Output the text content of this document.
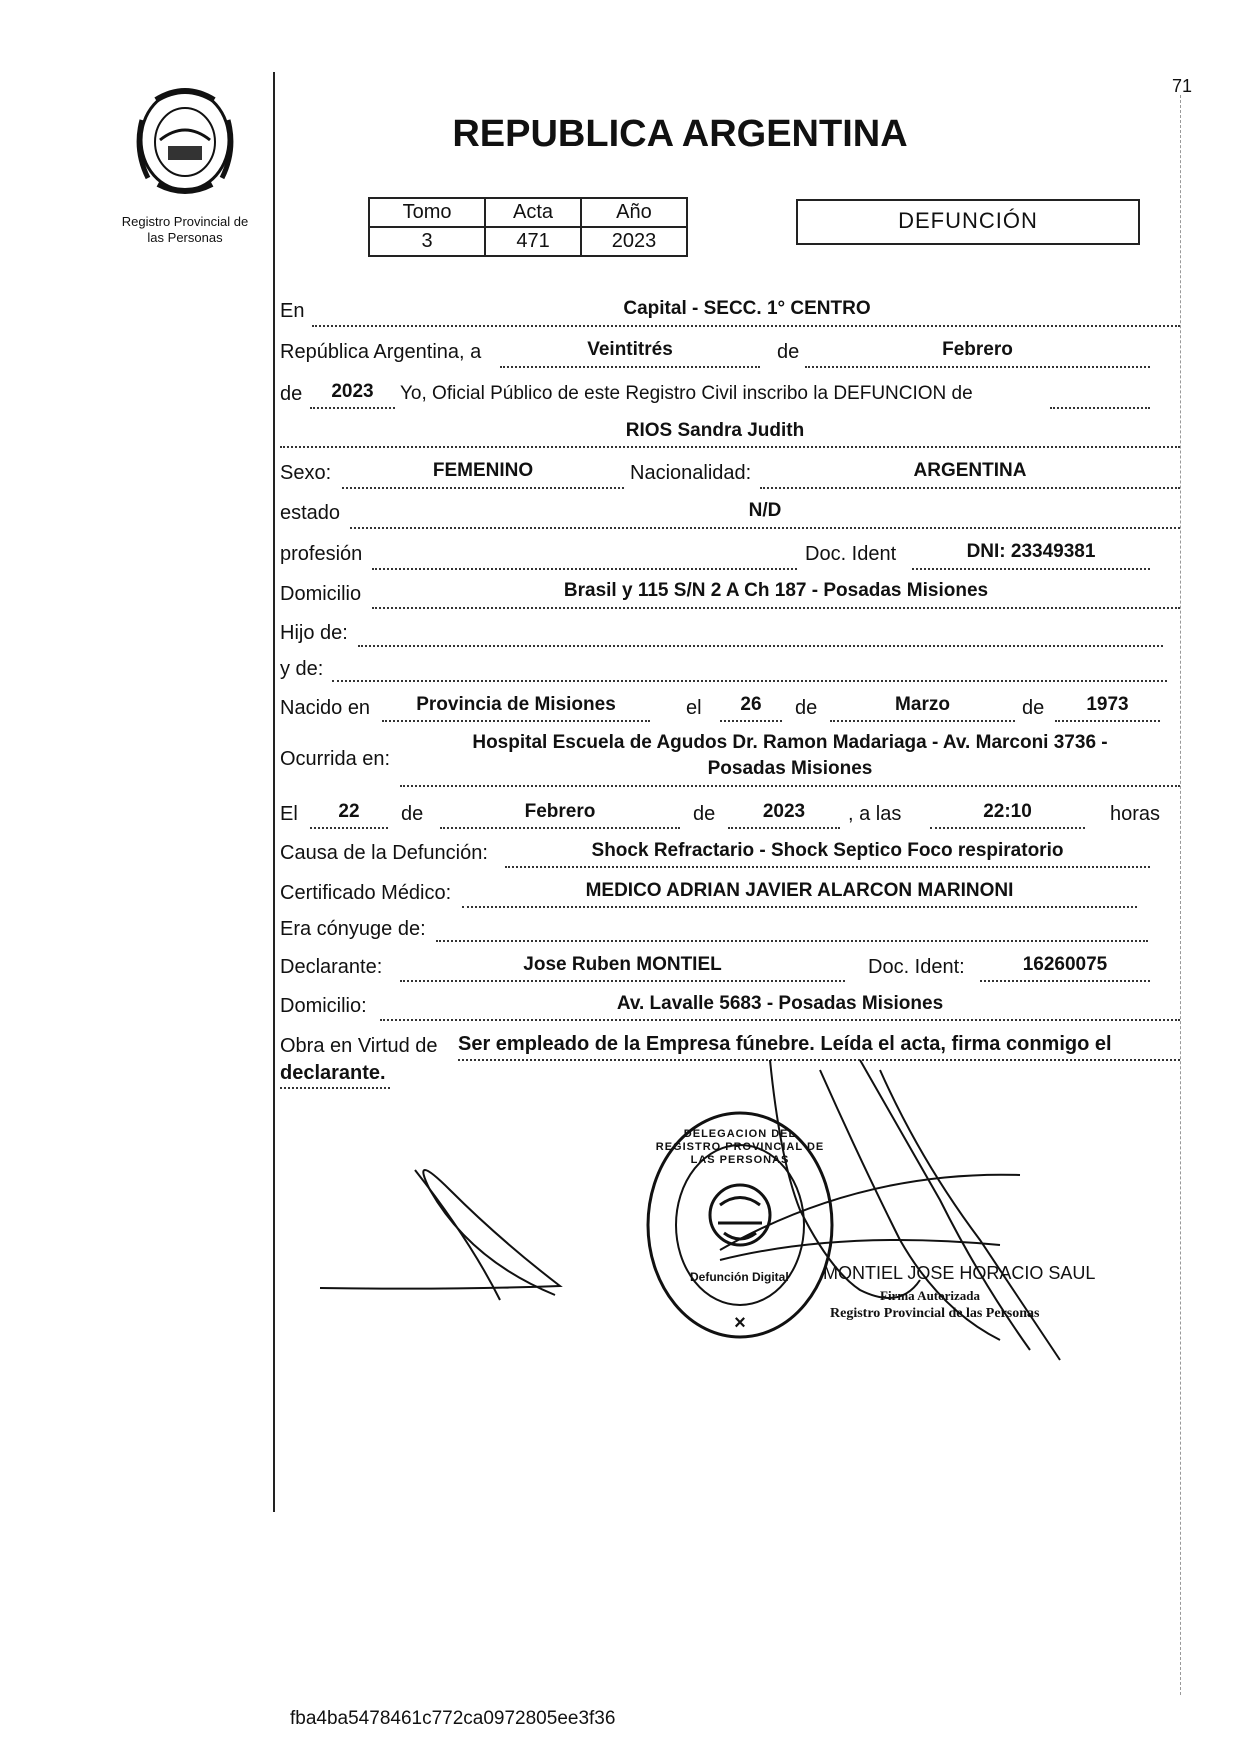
71
Registro Provincial de
las Personas
REPUBLICA ARGENTINA
Tomo	Acta	Año
3	471	2023
DEFUNCIÓN
En	Capital - SECC. 1° CENTRO
República Argentina, a	Veintitrés	de	Febrero
de	2023	Yo, Oficial Público de este Registro Civil inscribo la DEFUNCION de
RIOS Sandra Judith
Sexo:	FEMENINO	Nacionalidad:	ARGENTINA
estado	N/D
profesión	Doc. Ident	DNI: 23349381
Domicilio	Brasil y 115 S/N 2 A Ch 187 - Posadas Misiones
Hijo de:
y de:
Nacido en	Provincia de Misiones	el	26	de	Marzo	de	1973
Ocurrida en:
Hospital Escuela de Agudos Dr. Ramon Madariaga - Av. Marconi 3736 -
Posadas Misiones
El	22	de	Febrero	de	2023	, a las	22:10	horas
Causa de la Defunción:	Shock Refractario - Shock Septico Foco respiratorio
Certificado Médico:	MEDICO ADRIAN JAVIER ALARCON MARINONI
Era cónyuge de:
Declarante:	Jose Ruben MONTIEL	Doc. Ident:	16260075
Domicilio:	Av. Lavalle 5683 - Posadas Misiones
Obra en Virtud de Ser empleado de la Empresa fúnebre. Leída el acta, firma conmigo el
declarante.
×
DELEGACION DEL REGISTRO PROVINCIAL DE LAS PERSONAS
Defunción Digital MONTIEL JOSE HORACIO SAUL
Firma Autorizada
Registro Provincial de las Personas
fba4ba5478461c772ca0972805ee3f36
